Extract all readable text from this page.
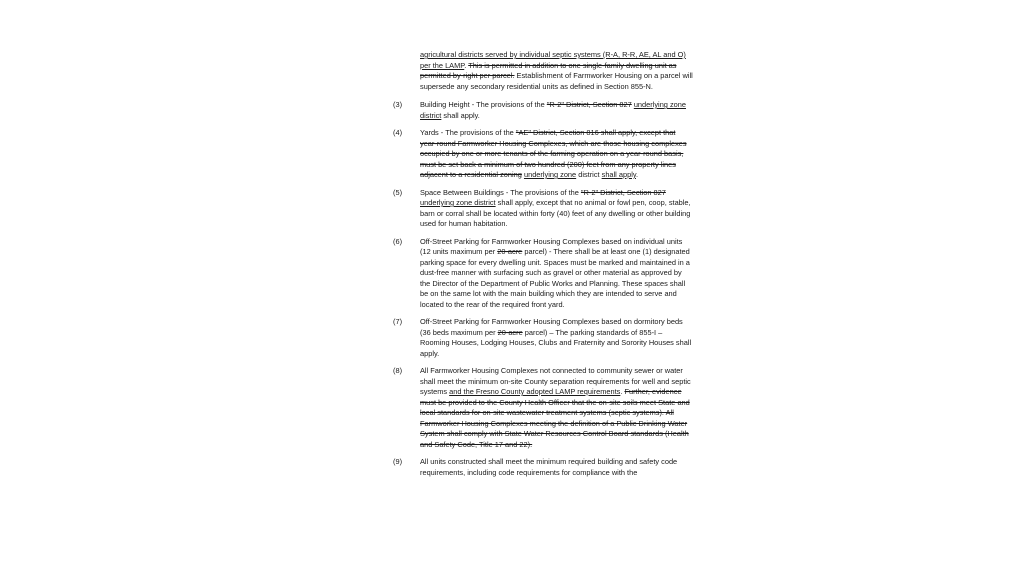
agricultural districts served by individual septic systems (R-A, R-R, AE, AL and O) per the LAMP. This is permitted in addition to one single-family dwelling unit as permitted by-right per parcel. Establishment of Farmworker Housing on a parcel will supersede any secondary residential units as defined in Section 855-N.
(3) Building Height - The provisions of the "R-2" District, Section 827 underlying zone district shall apply.
(4) Yards - The provisions of the "AE" District, Section 816 shall apply, except that year-round Farmworker Housing Complexes, which are those housing complexes occupied by one or more tenants of the farming operation on a year-round basis, must be set back a minimum of two hundred (200) feet from any property lines adjacent to a residential zoning underlying zone district shall apply.
(5) Space Between Buildings - The provisions of the "R-2" District, Section 827 underlying zone district shall apply, except that no animal or fowl pen, coop, stable, barn or corral shall be located within forty (40) feet of any dwelling or other building used for human habitation.
(6) Off-Street Parking for Farmworker Housing Complexes based on individual units (12 units maximum per 20-acre parcel) - There shall be at least one (1) designated parking space for every dwelling unit. Spaces must be marked and maintained in a dust-free manner with surfacing such as gravel or other material as approved by the Director of the Department of Public Works and Planning. These spaces shall be on the same lot with the main building which they are intended to serve and located to the rear of the required front yard.
(7) Off-Street Parking for Farmworker Housing Complexes based on dormitory beds (36 beds maximum per 20-acre parcel) – The parking standards of 855-I – Rooming Houses, Lodging Houses, Clubs and Fraternity and Sorority Houses shall apply.
(8) All Farmworker Housing Complexes not connected to community sewer or water shall meet the minimum on-site County separation requirements for well and septic systems and the Fresno County adopted LAMP requirements. Further, evidence must be provided to the County Health Officer that the on-site soils meet State and local standards for on-site wastewater treatment systems (septic systems). All Farmworker Housing Complexes meeting the definition of a Public Drinking Water System shall comply with State Water Resources Control Board standards (Health and Safety Code, Title 17 and 22).
(9) All units constructed shall meet the minimum required building and safety code requirements, including code requirements for compliance with the
